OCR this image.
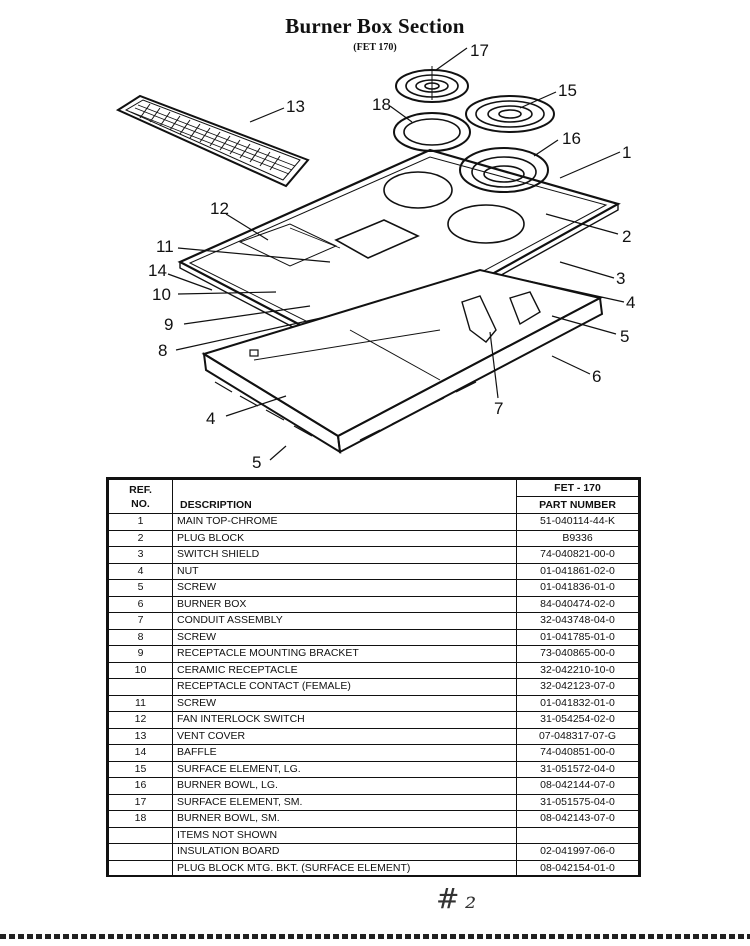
Burner Box Section
(FET 170)	17
15
18
16
1
13
12
2
11
3
14
4
10
5
9
6
8
7
4
5
REF.
NO.	DESCRIPTION	FET - 170
		PART NUMBER
1	MAIN TOP-CHROME	51-040114-44-K
2	PLUG BLOCK	B9336
3	SWITCH SHIELD	74-040821-00-0
4	NUT	01-041861-02-0
5	SCREW	01-041836-01-0
6	BURNER BOX	84-040474-02-0
7	CONDUIT ASSEMBLY	32-043748-04-0
8	SCREW	01-041785-01-0
9	RECEPTACLE MOUNTING BRACKET	73-040865-00-0
10	CERAMIC RECEPTACLE	32-042210-10-0
	RECEPTACLE CONTACT (FEMALE)	32-042123-07-0
11	SCREW	01-041832-01-0
12	FAN INTERLOCK SWITCH	31-054254-02-0
13	VENT COVER	07-048317-07-G
14	BAFFLE	74-040851-00-0
15	SURFACE ELEMENT, LG.	31-051572-04-0
16	BURNER BOWL, LG.	08-042144-07-0
17	SURFACE ELEMENT, SM.	31-051575-04-0
18	BURNER BOWL, SM.	08-042143-07-0
	ITEMS NOT SHOWN	
	INSULATION BOARD	02-041997-06-0
	PLUG BLOCK MTG. BKT. (SURFACE ELEMENT)	08-042154-01-0
#  ₂
